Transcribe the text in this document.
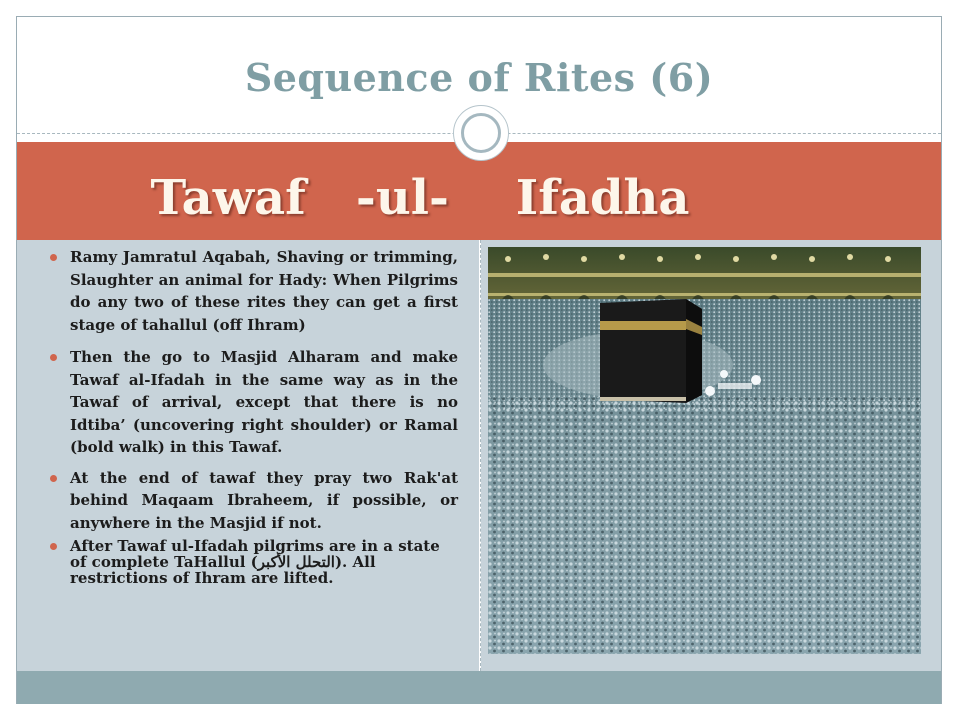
Sequence of Rites (6)
Tawaf   -ul-    Ifadha
Ramy Jamratul Aqabah, Shaving or trimming, Slaughter an animal for Hady: When Pilgrims do any two of these rites they can get a first stage of tahallul (off Ihram)
Then the go to Masjid Alharam and make Tawaf al-Ifadah in the same way as in the Tawaf of arrival, except that there is no Idtiba’ (uncovering right shoulder) or Ramal (bold walk) in this Tawaf.
At the end of tawaf they pray two Rak'at behind Maqaam Ibraheem, if possible, or anywhere in the Masjid if not.
After Tawaf ul-Ifadah pilgrims are in a state of complete TaHallul (التحلل الأكبر). All restrictions of Ihram are lifted.
